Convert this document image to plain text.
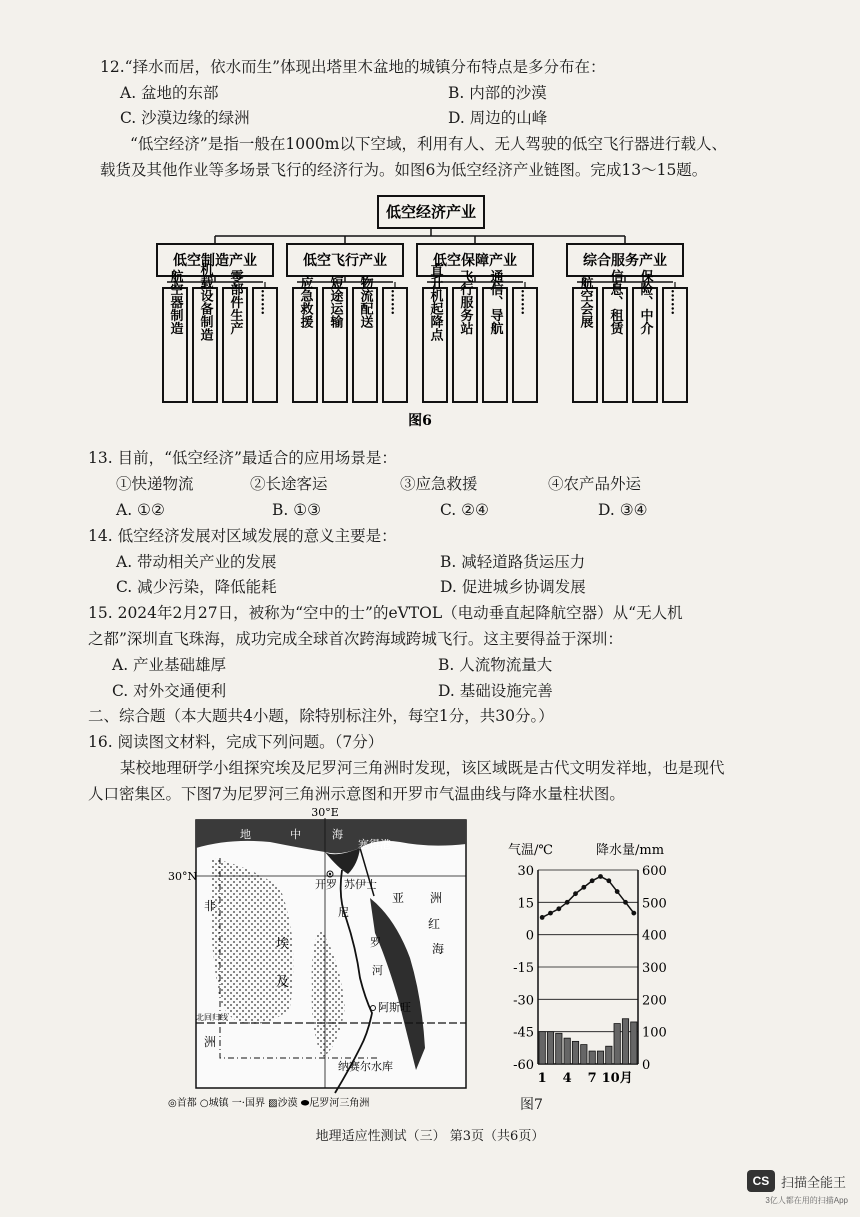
12.“择水而居，依水而生”体现出塔里木盆地的城镇分布特点是多分布在：
A. 盆地的东部	B. 内部的沙漠
C. 沙漠边缘的绿洲	D. 周边的山峰
“低空经济”是指一般在1000m以下空域，利用有人、无人驾驶的低空飞行器进行载人、
载货及其他作业等多场景飞行的经济行为。如图6为低空经济产业链图。完成13～15题。
低空经济产业
低空制造产业
航空器制造 机载设备制造 零部件生产 ……
低空飞行产业
应急救援 短途运输 物流配送 ……
低空保障产业
直升机起降点 飞行服务站 通信、导航 ……
综合服务产业
航空会展 信息、租赁 保险、中介 ……
图6
13. 目前，“低空经济”最适合的应用场景是：
①快递物流	②长途客运	③应急救援	④农产品外运
A. ①②	B. ①③	C. ②④	D. ③④
14. 低空经济发展对区域发展的意义主要是：
A. 带动相关产业的发展	B. 减轻道路货运压力
C. 减少污染，降低能耗	D. 促进城乡协调发展
15. 2024年2月27日，被称为“空中的士”的eVTOL（电动垂直起降航空器）从“无人机
之都”深圳直飞珠海，成功完成全球首次跨海域跨城飞行。这主要得益于深圳：
A. 产业基础雄厚	B. 人流物流量大
C. 对外交通便利	D. 基础设施完善
二、综合题（本大题共4小题，除特别标注外，每空1分，共30分。）
16. 阅读图文材料，完成下列问题。（7分）
某校地理研学小组探究埃及尼罗河三角洲时发现，该区域既是古代文明发祥地，也是现代
人口密集区。下图7为尼罗河三角洲示意图和开罗市气温曲线与降水量柱状图。
30°E
地	中	海
30°N
北回归线
塞得港
开罗 苏伊士
亚 洲
非
洲
埃
及
尼
罗
河
红
海
阿斯旺
纳赛尔水库
◎首都 ○城镇 一·国界 ▨沙漠 ⬬尼罗河三角洲
气温/℃	降水量/mm
30
15
0
-15
-30
-45
-60
600
500
400
300
200
100
0
1 4 7 10月
图7
地理适应性测试（三） 第3页（共6页）
CS 扫描全能王
3亿人都在用的扫描App
